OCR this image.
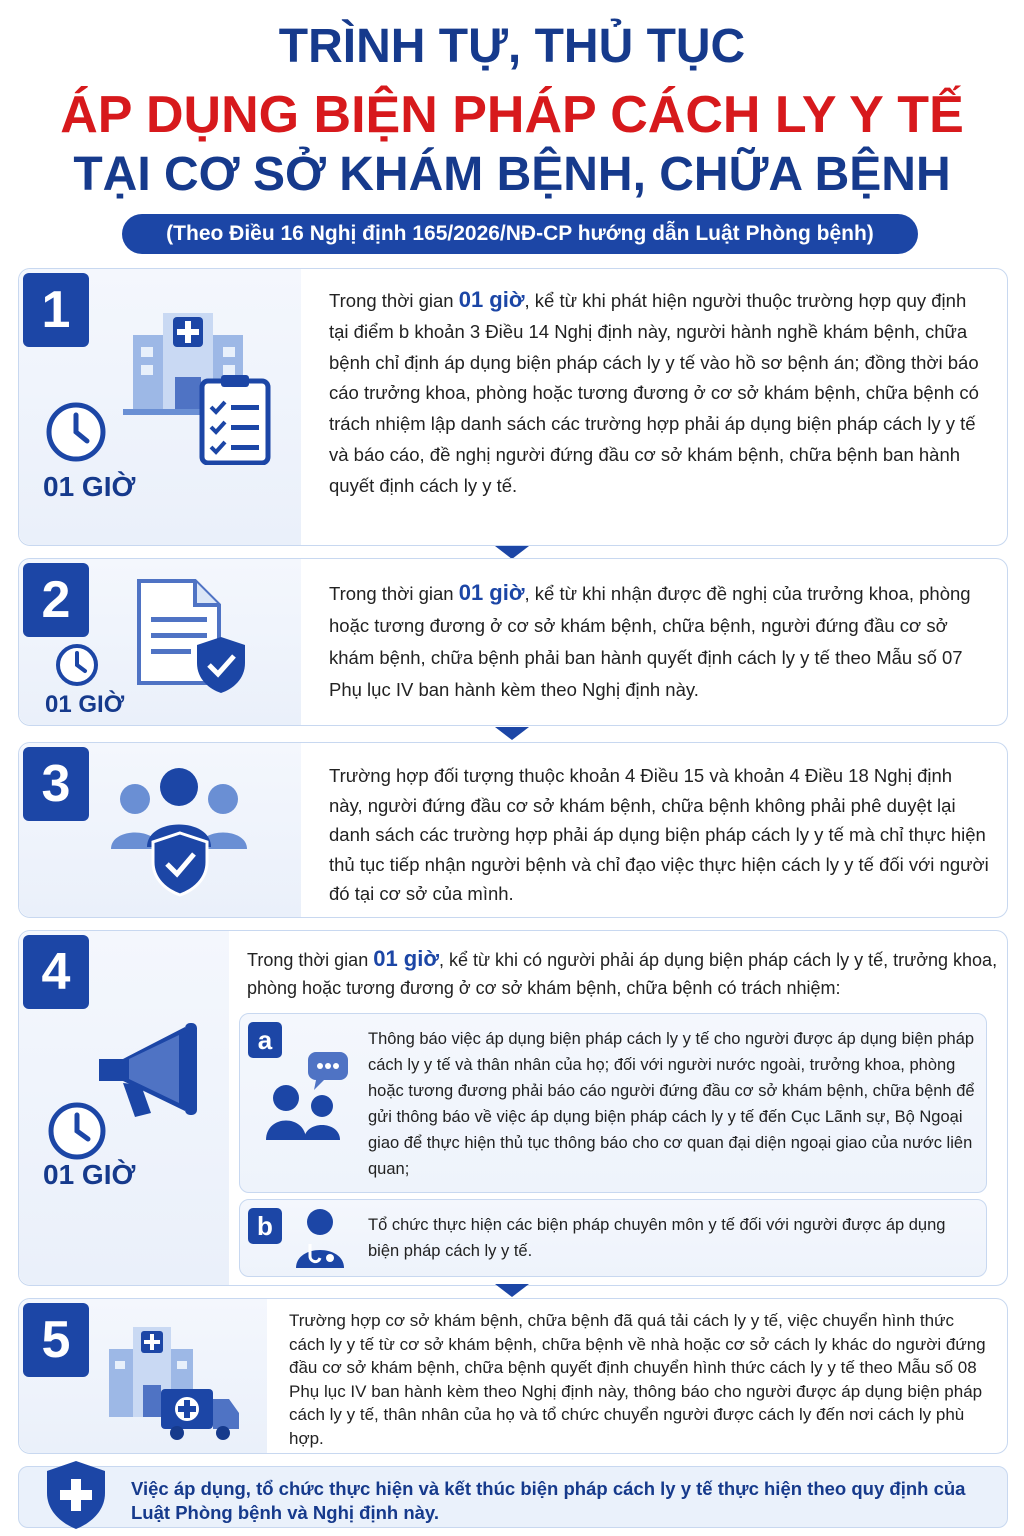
TRÌNH TỰ, THỦ TỤC
ÁP DỤNG BIỆN PHÁP CÁCH LY Y TẾ
TẠI CƠ SỞ KHÁM BỆNH, CHỮA BỆNH
(Theo Điều 16 Nghị định 165/2026/NĐ-CP hướng dẫn Luật Phòng bệnh)
1
01 GIỜ
Trong thời gian 01 giờ, kể từ khi phát hiện người thuộc trường hợp quy định tại điểm b khoản 3 Điều 14 Nghị định này, người hành nghề khám bệnh, chữa bệnh chỉ định áp dụng biện pháp cách ly y tế vào hồ sơ bệnh án; đồng thời báo cáo trưởng khoa, phòng hoặc tương đương ở cơ sở khám bệnh, chữa bệnh có trách nhiệm lập danh sách các trường hợp phải áp dụng biện pháp cách ly y tế và báo cáo, đề nghị người đứng đầu cơ sở khám bệnh, chữa bệnh ban hành quyết định cách ly y tế.
2
01 GIỜ
Trong thời gian 01 giờ, kể từ khi nhận được đề nghị của trưởng khoa, phòng hoặc tương đương ở cơ sở khám bệnh, chữa bệnh, người đứng đầu cơ sở khám bệnh, chữa bệnh phải ban hành quyết định cách ly y tế theo Mẫu số 07 Phụ lục IV ban hành kèm theo Nghị định này.
3	Trường hợp đối tượng thuộc khoản 4 Điều 15 và khoản 4 Điều 18 Nghị định này, người đứng đầu cơ sở khám bệnh, chữa bệnh không phải phê duyệt lại danh sách các trường hợp phải áp dụng biện pháp cách ly y tế mà chỉ thực hiện thủ tục tiếp nhận người bệnh và chỉ đạo việc thực hiện cách ly y tế đối với người đó tại cơ sở của mình.
4
01 GIỜ
Trong thời gian 01 giờ, kể từ khi có người phải áp dụng biện pháp cách ly y tế, trưởng khoa, phòng hoặc tương đương ở cơ sở khám bệnh, chữa bệnh có trách nhiệm:
a	Thông báo việc áp dụng biện pháp cách ly y tế cho người được áp dụng biện pháp cách ly y tế và thân nhân của họ; đối với người nước ngoài, trưởng khoa, phòng hoặc tương đương phải báo cáo người đứng đầu cơ sở khám bệnh, chữa bệnh để gửi thông báo về việc áp dụng biện pháp cách ly y tế đến Cục Lãnh sự, Bộ Ngoại giao để thực hiện thủ tục thông báo cho cơ quan đại diện ngoại giao của nước liên quan;
b	Tổ chức thực hiện các biện pháp chuyên môn y tế đối với người được áp dụng biện pháp cách ly y tế.
5	Trường hợp cơ sở khám bệnh, chữa bệnh đã quá tải cách ly y tế, việc chuyển hình thức cách ly y tế từ cơ sở khám bệnh, chữa bệnh về nhà hoặc cơ sở cách ly khác do người đứng đầu cơ sở khám bệnh, chữa bệnh quyết định chuyển hình thức cách ly y tế theo Mẫu số 08 Phụ lục IV ban hành kèm theo Nghị định này, thông báo cho người được áp dụng biện pháp cách ly y tế, thân nhân của họ và tổ chức chuyển người được cách ly đến nơi cách ly phù hợp.
Việc áp dụng, tổ chức thực hiện và kết thúc biện pháp cách ly y tế thực hiện theo quy định của Luật Phòng bệnh và Nghị định này.
